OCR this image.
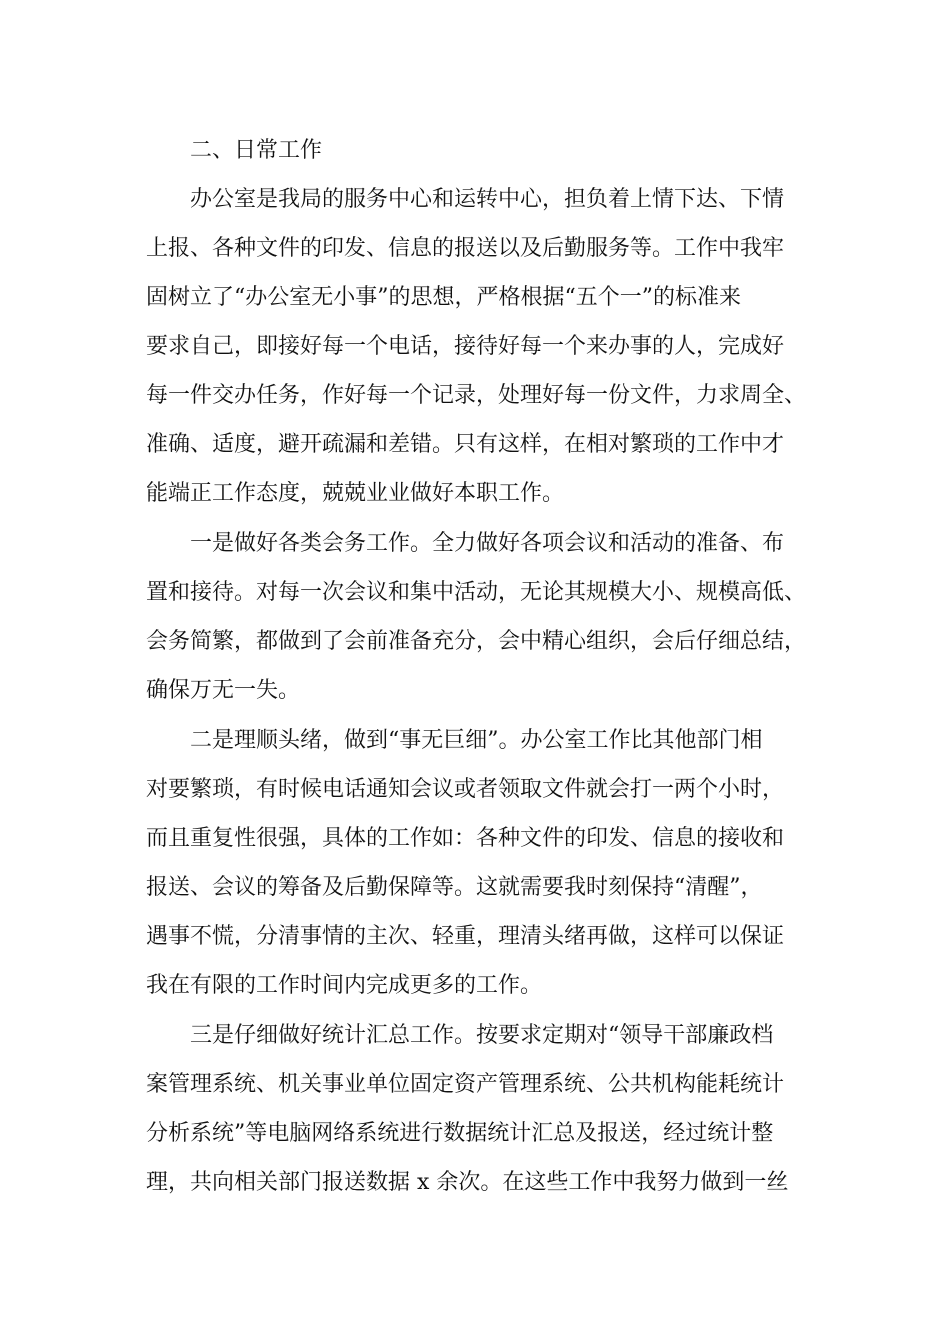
二、日常工作
办公室是我局的服务中心和运转中心，担负着上情下达、下情
上报、各种文件的印发、信息的报送以及后勤服务等。工作中我牢
固树立了“办公室无小事”的思想，严格根据“五个一”的标准来
要求自己，即接好每一个电话，接待好每一个来办事的人，完成好
每一件交办任务，作好每一个记录，处理好每一份文件，力求周全、
准确、适度，避开疏漏和差错。只有这样，在相对繁琐的工作中才
能端正工作态度，兢兢业业做好本职工作。
一是做好各类会务工作。全力做好各项会议和活动的准备、布
置和接待。对每一次会议和集中活动，无论其规模大小、规模高低、
会务简繁，都做到了会前准备充分，会中精心组织，会后仔细总结，
确保万无一失。
二是理顺头绪，做到“事无巨细”。办公室工作比其他部门相
对要繁琐，有时候电话通知会议或者领取文件就会打一两个小时，
而且重复性很强，具体的工作如：各种文件的印发、信息的接收和
报送、会议的筹备及后勤保障等。这就需要我时刻保持“清醒”，
遇事不慌，分清事情的主次、轻重，理清头绪再做，这样可以保证
我在有限的工作时间内完成更多的工作。
三是仔细做好统计汇总工作。按要求定期对“领导干部廉政档
案管理系统、机关事业单位固定资产管理系统、公共机构能耗统计
分析系统”等电脑网络系统进行数据统计汇总及报送，经过统计整
理，共向相关部门报送数据 x 余次。在这些工作中我努力做到一丝
